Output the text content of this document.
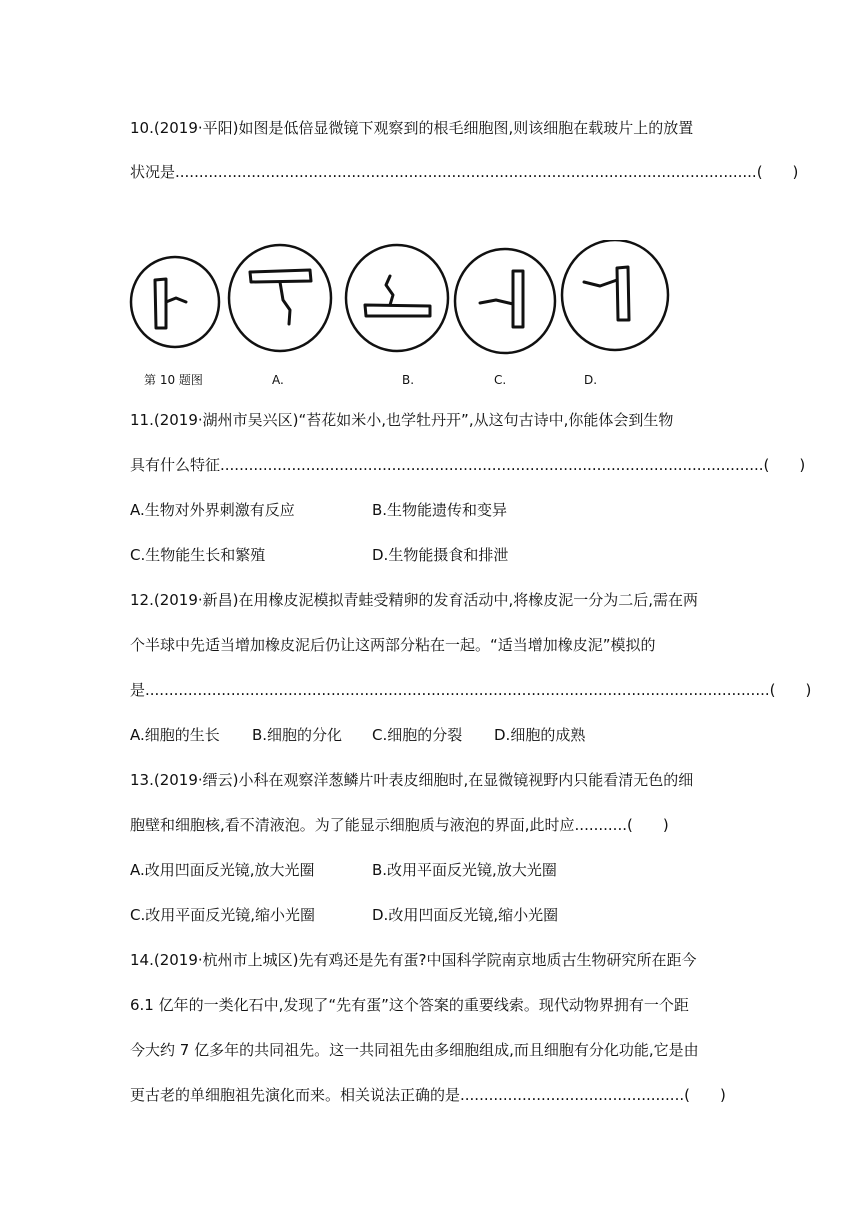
10.(2019·平阳)如图是低倍显微镜下观察到的根毛细胞图,则该细胞在载玻片上的放置
状况是..........................................................................................................................(　　)
第 10 题图	A.	B.	C.	D.
11.(2019·湖州市吴兴区)“苔花如米小,也学牡丹开”,从这句古诗中,你能体会到生物
具有什么特征..................................................................................................................(　　)
A.生物对外界刺激有反应	B.生物能遗传和变异
C.生物能生长和繁殖	D.生物能摄食和排泄
12.(2019·新昌)在用橡皮泥模拟青蛙受精卵的发育活动中,将橡皮泥一分为二后,需在两
个半球中先适当增加橡皮泥后仍让这两部分粘在一起。“适当增加橡皮泥”模拟的
是...................................................................................................................................(　　)
A.细胞的生长 B.细胞的分化 C.细胞的分裂 D.细胞的成熟
13.(2019·缙云)小科在观察洋葱鳞片叶表皮细胞时,在显微镜视野内只能看清无色的细
胞壁和细胞核,看不清液泡。为了能显示细胞质与液泡的界面,此时应...........(　　)
A.改用凹面反光镜,放大光圈	B.改用平面反光镜,放大光圈
C.改用平面反光镜,缩小光圈	D.改用凹面反光镜,缩小光圈
14.(2019·杭州市上城区)先有鸡还是先有蛋?中国科学院南京地质古生物研究所在距今
6.1 亿年的一类化石中,发现了“先有蛋”这个答案的重要线索。现代动物界拥有一个距
今大约 7 亿多年的共同祖先。这一共同祖先由多细胞组成,而且细胞有分化功能,它是由
更古老的单细胞祖先演化而来。相关说法正确的是...............................................(　　)
